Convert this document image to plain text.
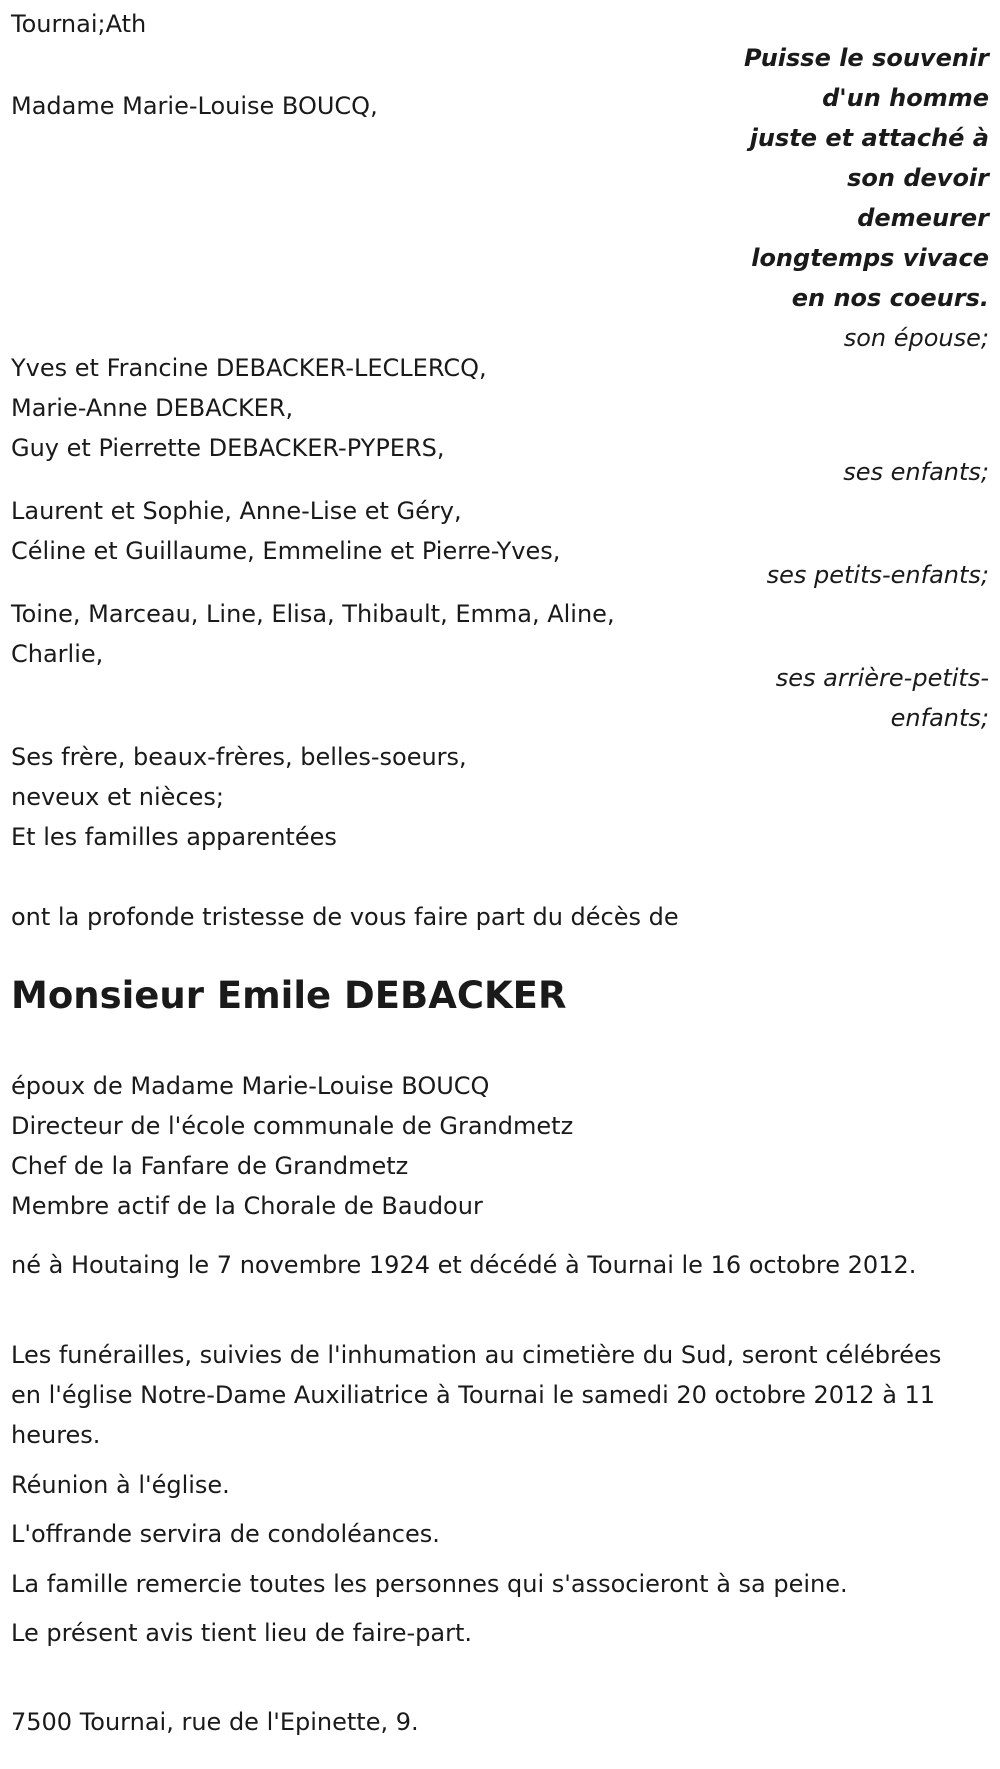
Tournai;Ath
Puisse le souvenir
d'un homme
juste et attaché à
son devoir
demeurer
longtemps vivace
en nos coeurs.
son épouse;
Madame Marie-Louise BOUCQ,
Yves et Francine DEBACKER-LECLERCQ,
Marie-Anne DEBACKER,
Guy et Pierrette DEBACKER-PYPERS,
ses enfants;
Laurent et Sophie, Anne-Lise et Géry,
Céline et Guillaume, Emmeline et Pierre-Yves,
ses petits-enfants;
Toine, Marceau, Line, Elisa, Thibault, Emma, Aline,
Charlie,
ses arrière-petits-
enfants;
Ses frère, beaux-frères, belles-soeurs,
neveux et nièces;
Et les familles apparentées
ont la profonde tristesse de vous faire part du décès de
Monsieur Emile DEBACKER
époux de Madame Marie-Louise BOUCQ
Directeur de l'école communale de Grandmetz
Chef de la Fanfare de Grandmetz
Membre actif de la Chorale de Baudour
né à Houtaing le 7 novembre 1924 et décédé à Tournai le 16 octobre 2012.
Les funérailles, suivies de l'inhumation au cimetière du Sud, seront célébrées en l'église Notre-Dame Auxiliatrice à Tournai le samedi 20 octobre 2012 à 11 heures.
Réunion à l'église.
L'offrande servira de condoléances.
La famille remercie toutes les personnes qui s'associeront à sa peine.
Le présent avis tient lieu de faire-part.
7500 Tournai, rue de l'Epinette, 9.
